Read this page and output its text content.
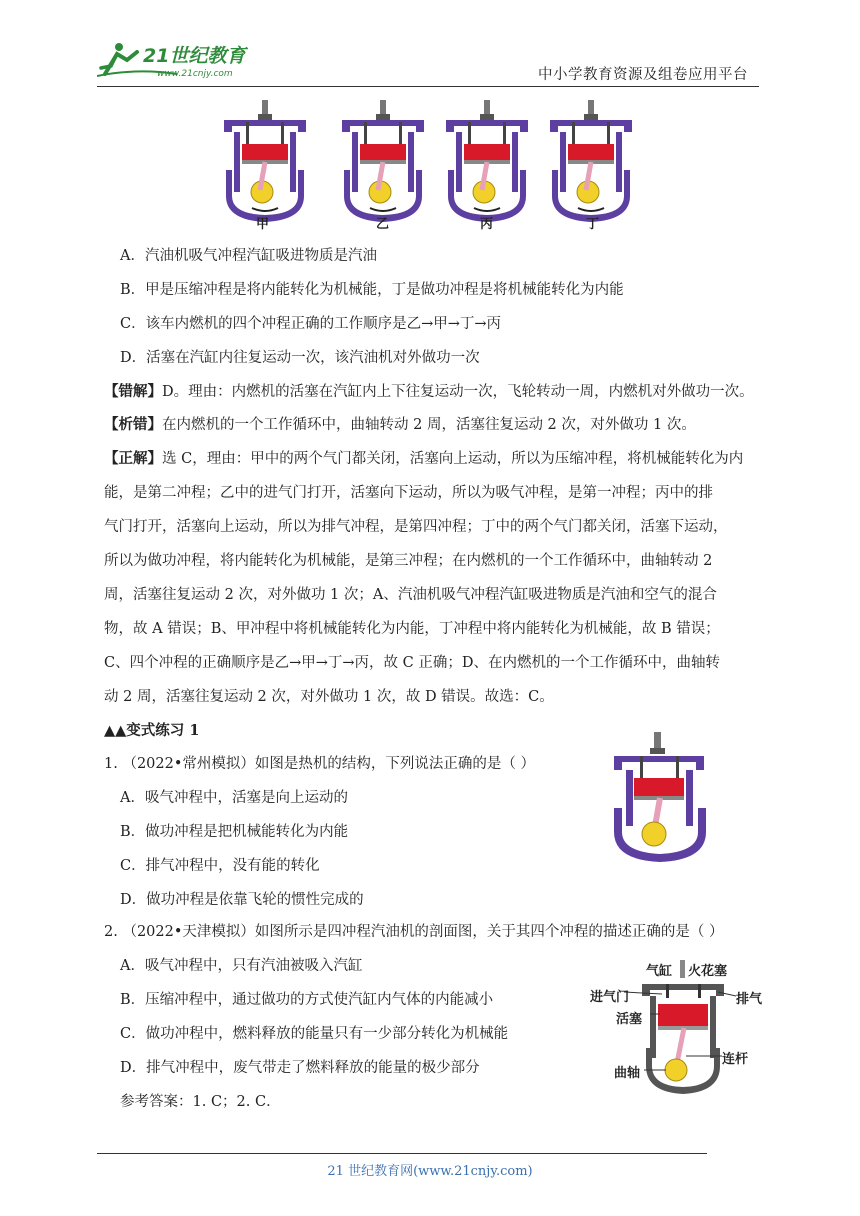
21世纪教育
www.21cnjy.com	中小学教育资源及组卷应用平台
甲	乙	丙	丁
A．汽油机吸气冲程汽缸吸进物质是汽油
B．甲是压缩冲程是将内能转化为机械能，丁是做功冲程是将机械能转化为内能
C．该车内燃机的四个冲程正确的工作顺序是乙→甲→丁→丙
D．活塞在汽缸内往复运动一次，该汽油机对外做功一次
【错解】D。理由：内燃机的活塞在汽缸内上下往复运动一次，飞轮转动一周，内燃机对外做功一次。
【析错】在内燃机的一个工作循环中，曲轴转动 2 周，活塞往复运动 2 次，对外做功 1 次。
【正解】选 C，理由：甲中的两个气门都关闭，活塞向上运动，所以为压缩冲程，将机械能转化为内
能，是第二冲程；乙中的进气门打开，活塞向下运动，所以为吸气冲程，是第一冲程；丙中的排
气门打开，活塞向上运动，所以为排气冲程，是第四冲程；丁中的两个气门都关闭，活塞下运动，
所以为做功冲程，将内能转化为机械能，是第三冲程；在内燃机的一个工作循环中，曲轴转动 2
周，活塞往复运动 2 次，对外做功 1 次；A、汽油机吸气冲程汽缸吸进物质是汽油和空气的混合
物，故 A 错误；B、甲冲程中将机械能转化为内能，丁冲程中将内能转化为机械能，故 B 错误；
C、四个冲程的正确顺序是乙→甲→丁→丙，故 C 正确；D、在内燃机的一个工作循环中，曲轴转
动 2 周，活塞往复运动 2 次，对外做功 1 次，故 D 错误。故选：C。
▲▲变式练习 1
1. （2022•常州模拟）如图是热机的结构，下列说法正确的是（ ）
A．吸气冲程中，活塞是向上运动的
B．做功冲程是把机械能转化为内能
C．排气冲程中，没有能的转化
D．做功冲程是依靠飞轮的惯性完成的
2. （2022•天津模拟）如图所示是四冲程汽油机的剖面图，关于其四个冲程的描述正确的是（ ）
A．吸气冲程中，只有汽油被吸入汽缸
B．压缩冲程中，通过做功的方式使汽缸内气体的内能减小
C．做功冲程中，燃料释放的能量只有一少部分转化为机械能
D．排气冲程中，废气带走了燃料释放的能量的极少部分
气缸 火花塞
进气门	排气
活塞
连杆
曲轴
参考答案：1. C；2. C．
21 世纪教育网(www.21cnjy.com)
